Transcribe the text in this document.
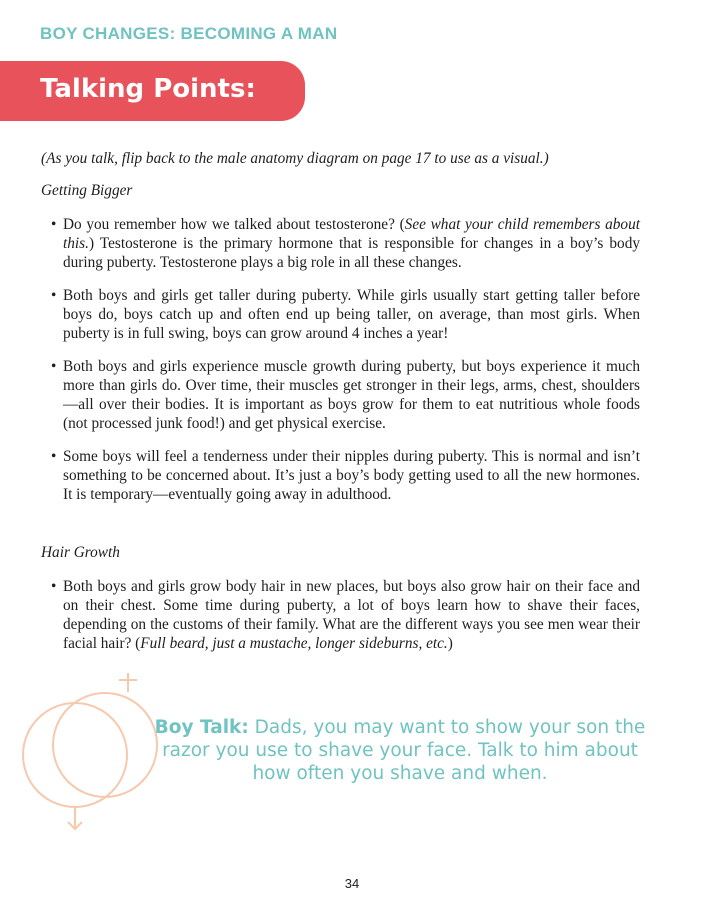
BOY CHANGES: BECOMING A MAN
Talking Points:
(As you talk, flip back to the male anatomy diagram on page 17 to use as a visual.)
Getting Bigger
• Do you remember how we talked about testosterone? (See what your child remembers about this.) Testosterone is the primary hormone that is responsible for changes in a boy’s body during puberty. Testosterone plays a big role in all these changes.
• Both boys and girls get taller during puberty. While girls usually start getting taller before boys do, boys catch up and often end up being taller, on average, than most girls. When puberty is in full swing, boys can grow around 4 inches a year!
• Both boys and girls experience muscle growth during puberty, but boys experience it much more than girls do. Over time, their muscles get stronger in their legs, arms, chest, shoulders—all over their bodies. It is important as boys grow for them to eat nutritious whole foods (not processed junk food!) and get physical exercise.
• Some boys will feel a tenderness under their nipples during puberty. This is normal and isn’t something to be concerned about. It’s just a boy’s body getting used to all the new hormones. It is temporary—eventually going away in adulthood.
Hair Growth
• Both boys and girls grow body hair in new places, but boys also grow hair on their face and on their chest. Some time during puberty, a lot of boys learn how to shave their faces, depending on the customs of their family. What are the different ways you see men wear their facial hair? (Full beard, just a mustache, longer sideburns, etc.)
Boy Talk: Dads, you may want to show your son the razor you use to shave your face. Talk to him about how often you shave and when.
34
